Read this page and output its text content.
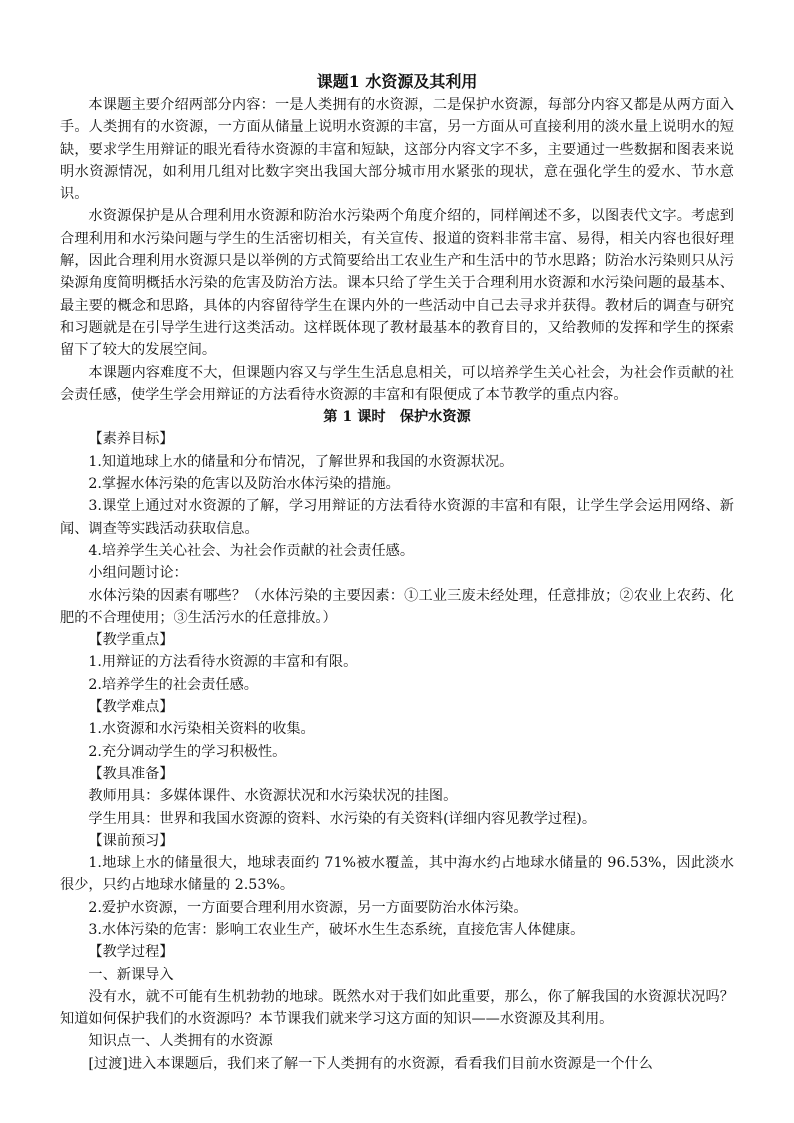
课题1 水资源及其利用

本课题主要介绍两部分内容：一是人类拥有的水资源，二是保护水资源，每部分内容又都是从两方面入手。人类拥有的水资源，一方面从储量上说明水资源的丰富，另一方面从可直接利用的淡水量上说明水的短缺，要求学生用辩证的眼光看待水资源的丰富和短缺，这部分内容文字不多，主要通过一些数据和图表来说明水资源情况，如利用几组对比数字突出我国大部分城市用水紧张的现状，意在强化学生的爱水、节水意识。

水资源保护是从合理利用水资源和防治水污染两个角度介绍的，同样阐述不多，以图表代文字。考虑到合理利用和水污染问题与学生的生活密切相关，有关宣传、报道的资料非常丰富、易得，相关内容也很好理解，因此合理利用水资源只是以举例的方式简要给出工农业生产和生活中的节水思路；防治水污染则只从污染源角度简明概括水污染的危害及防治方法。课本只给了学生关于合理利用水资源和水污染问题的最基本、最主要的概念和思路，具体的内容留待学生在课内外的一些活动中自己去寻求并获得。教材后的调查与研究和习题就是在引导学生进行这类活动。这样既体现了教材最基本的教育目的，又给教师的发挥和学生的探索留下了较大的发展空间。

本课题内容难度不大，但课题内容又与学生生活息息相关，可以培养学生关心社会，为社会作贡献的社会责任感，使学生学会用辩证的方法看待水资源的丰富和有限便成了本节教学的重点内容。

第 1 课时　保护水资源

【素养目标】

1.知道地球上水的储量和分布情况，了解世界和我国的水资源状况。

2.掌握水体污染的危害以及防治水体污染的措施。

3.课堂上通过对水资源的了解，学习用辩证的方法看待水资源的丰富和有限，让学生学会运用网络、新闻、调查等实践活动获取信息。

4.培养学生关心社会、为社会作贡献的社会责任感。

小组问题讨论：

水体污染的因素有哪些？（水体污染的主要因素：①工业三废未经处理，任意排放；②农业上农药、化肥的不合理使用；③生活污水的任意排放。）

【教学重点】

1.用辩证的方法看待水资源的丰富和有限。

2.培养学生的社会责任感。

【教学难点】

1.水资源和水污染相关资料的收集。

2.充分调动学生的学习积极性。

【教具准备】

教师用具：多媒体课件、水资源状况和水污染状况的挂图。

学生用具：世界和我国水资源的资料、水污染的有关资料(详细内容见教学过程)。

【课前预习】

1.地球上水的储量很大，地球表面约 71%被水覆盖，其中海水约占地球水储量的 96.53%，因此淡水很少，只约占地球水储量的 2.53%。

2.爱护水资源，一方面要合理利用水资源，另一方面要防治水体污染。

3.水体污染的危害：影响工农业生产，破坏水生生态系统，直接危害人体健康。

【教学过程】

一、新课导入

没有水，就不可能有生机勃勃的地球。既然水对于我们如此重要，那么，你了解我国的水资源状况吗？知道如何保护我们的水资源吗？本节课我们就来学习这方面的知识——水资源及其利用。

知识点一、人类拥有的水资源

[过渡]进入本课题后，我们来了解一下人类拥有的水资源，看看我们目前水资源是一个什么
